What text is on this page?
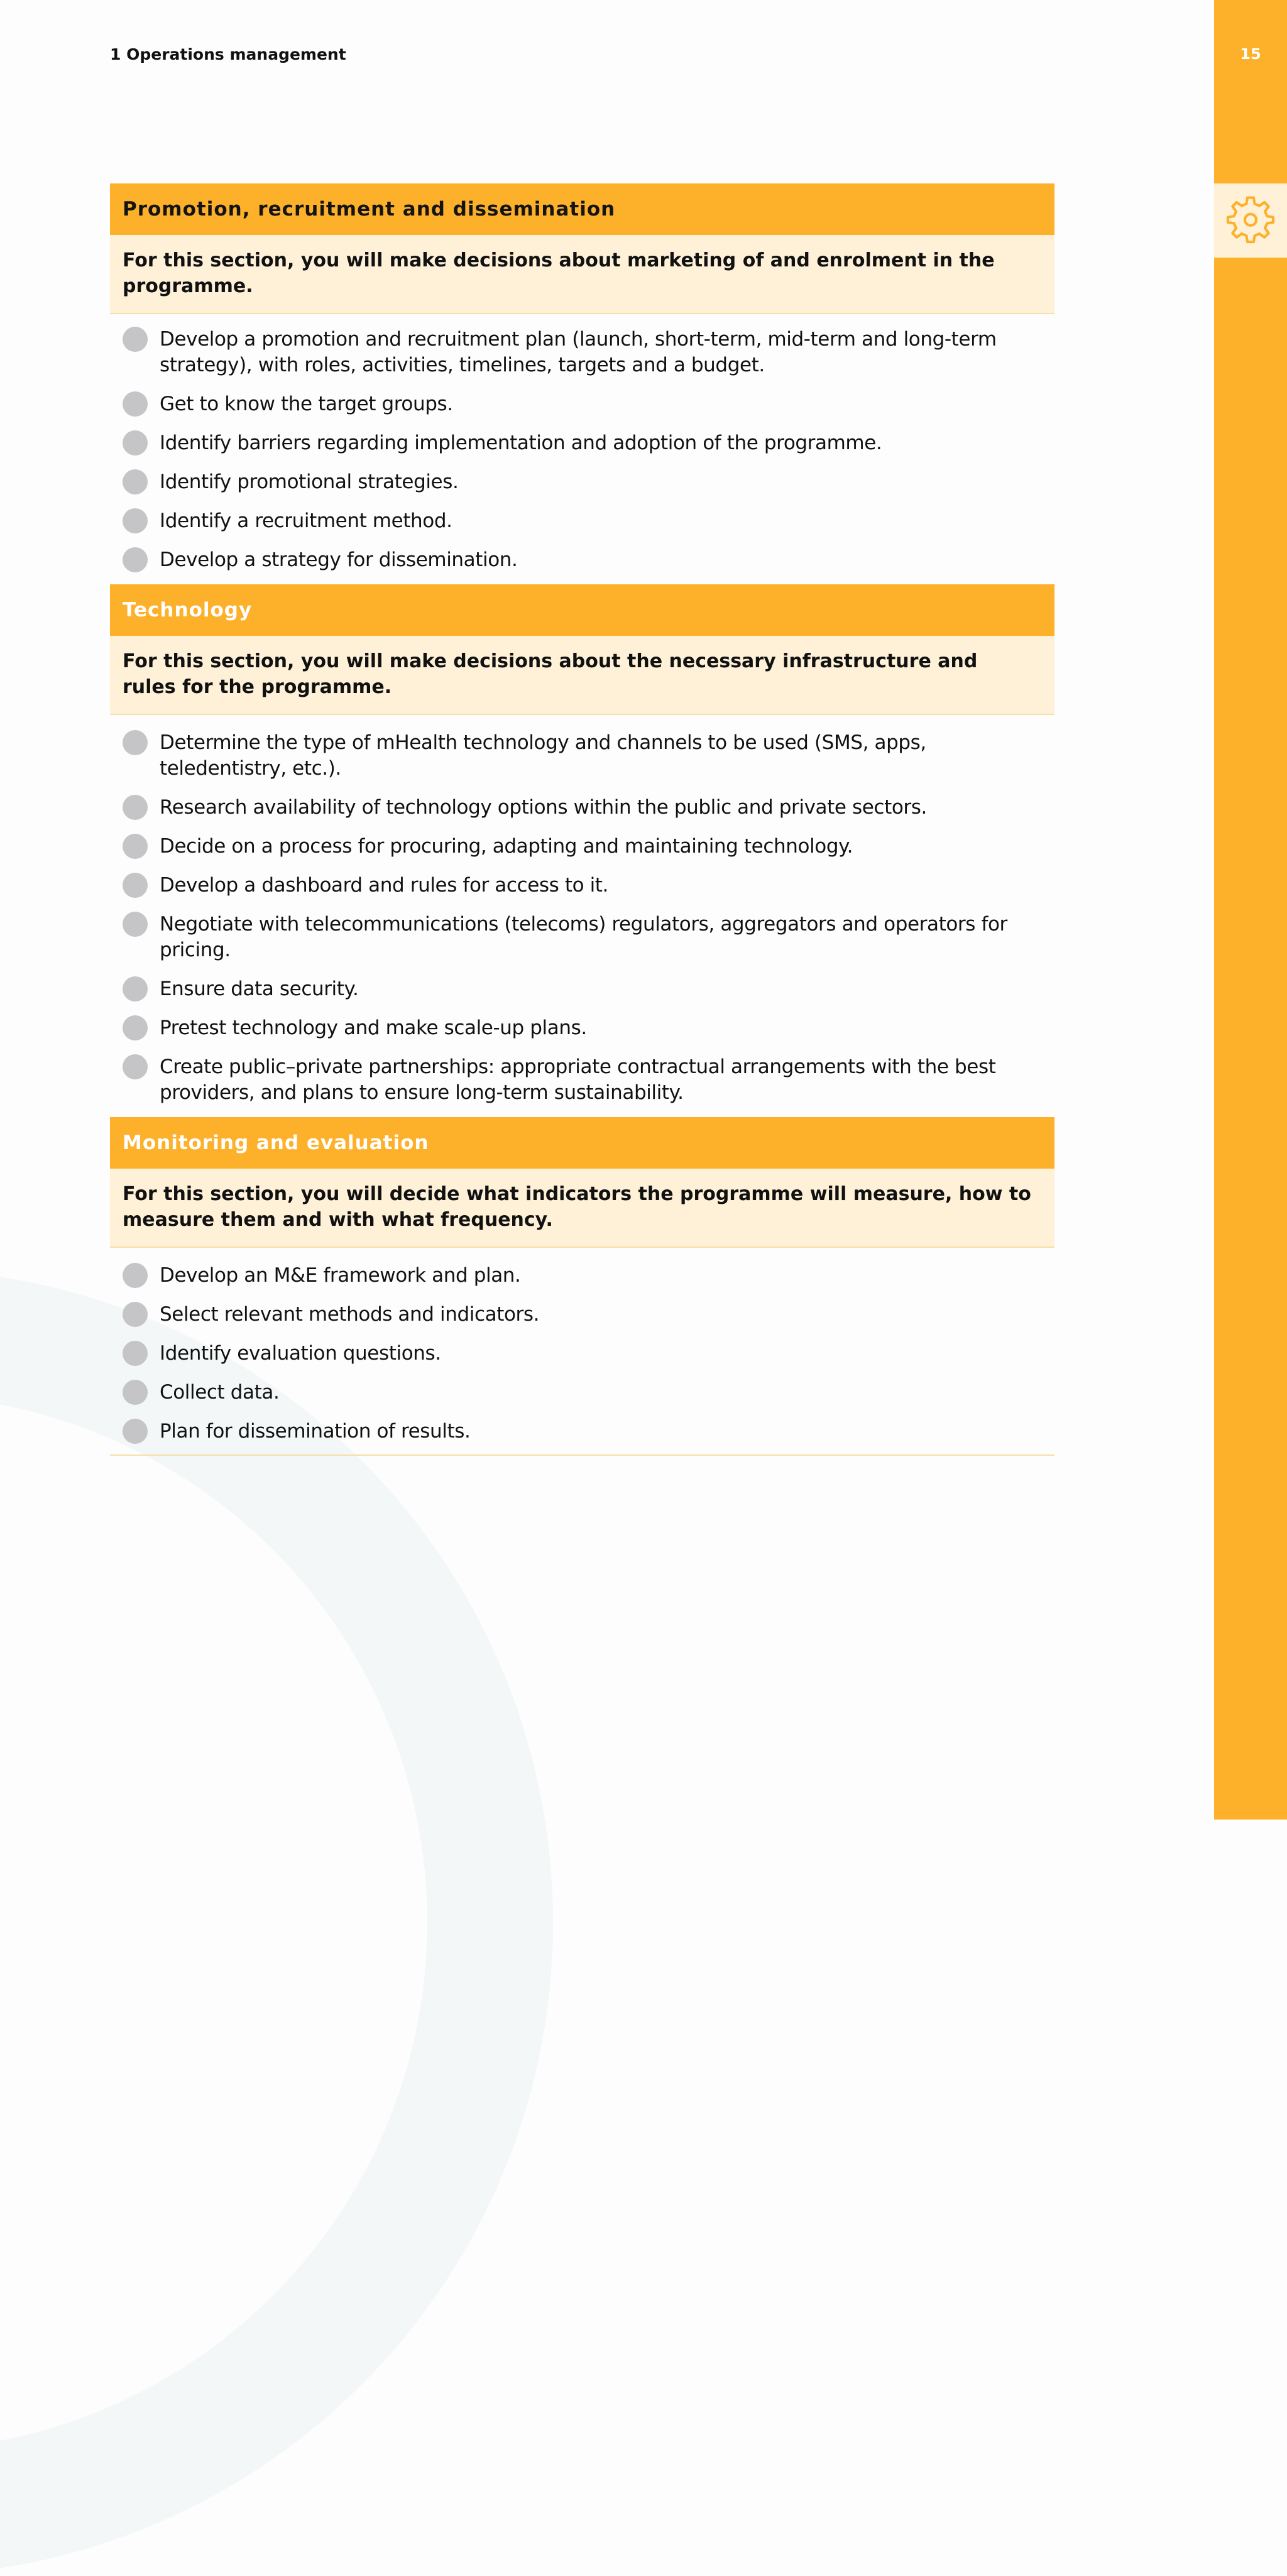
15
1 Operations management
Promotion, recruitment and dissemination
For this section, you will make decisions about marketing of and enrolment in the programme.
Develop a promotion and recruitment plan (launch, short-term, mid-term and long-term strategy), with roles, activities, timelines, targets and a budget.
Get to know the target groups.
Identify barriers regarding implementation and adoption of the programme.
Identify promotional strategies.
Identify a recruitment method.
Develop a strategy for dissemination.
Technology
For this section, you will make decisions about the necessary infrastructure and rules for the programme.
Determine the type of mHealth technology and channels to be used (SMS, apps, teledentistry, etc.).
Research availability of technology options within the public and private sectors.
Decide on a process for procuring, adapting and maintaining technology.
Develop a dashboard and rules for access to it.
Negotiate with telecommunications (telecoms) regulators, aggregators and operators for pricing.
Ensure data security.
Pretest technology and make scale-up plans.
Create public–private partnerships: appropriate contractual arrangements with the best providers, and plans to ensure long-term sustainability.
Monitoring and evaluation
For this section, you will decide what indicators the programme will measure, how to measure them and with what frequency.
Develop an M&E framework and plan.
Select relevant methods and indicators.
Identify evaluation questions.
Collect data.
Plan for dissemination of results.
